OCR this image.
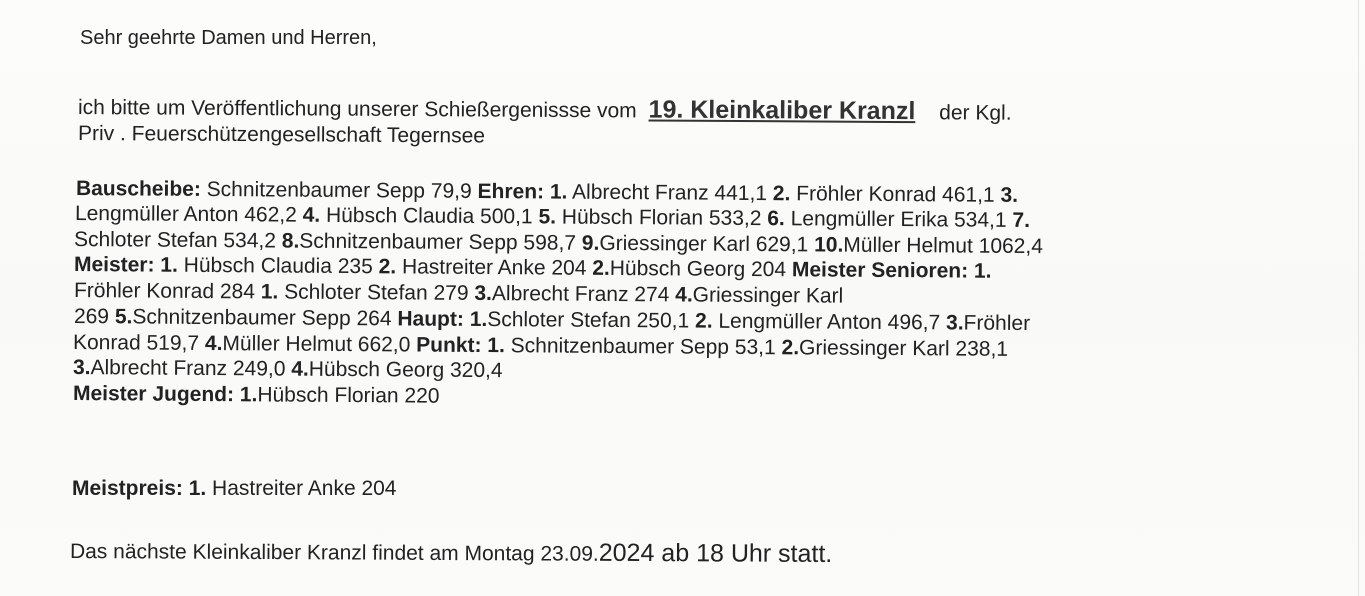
Sehr geehrte Damen und Herren,
ich bitte um Veröffentlichung unserer Schießergenissse vom 19. Kleinkaliber Kranzl der Kgl.
Priv . Feuerschützengesellschaft Tegernsee
Bauscheibe: Schnitzenbaumer Sepp 79,9 Ehren: 1. Albrecht Franz 441,1 2. Fröhler Konrad 461,1 3.
Lengmüller Anton 462,2 4. Hübsch Claudia 500,1 5. Hübsch Florian 533,2 6. Lengmüller Erika 534,1 7.
Schloter Stefan 534,2 8.Schnitzenbaumer Sepp 598,7 9.Griessinger Karl 629,1 10.Müller Helmut 1062,4
Meister: 1. Hübsch Claudia 235 2. Hastreiter Anke 204 2.Hübsch Georg 204 Meister Senioren: 1.
Fröhler Konrad 284 1. Schloter Stefan 279 3.Albrecht Franz 274 4.Griessinger Karl
269 5.Schnitzenbaumer Sepp 264 Haupt: 1.Schloter Stefan 250,1 2. Lengmüller Anton 496,7 3.Fröhler
Konrad 519,7 4.Müller Helmut 662,0 Punkt: 1. Schnitzenbaumer Sepp 53,1 2.Griessinger Karl 238,1
3.Albrecht Franz 249,0 4.Hübsch Georg 320,4
Meister Jugend: 1.Hübsch Florian 220
Meistpreis: 1. Hastreiter Anke 204
Das nächste Kleinkaliber Kranzl findet am Montag 23.09.2024 ab 18 Uhr statt.
